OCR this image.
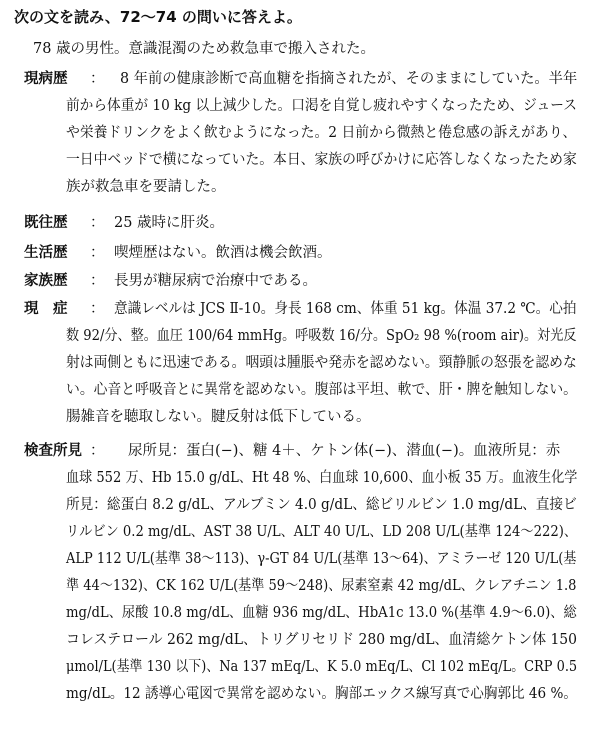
次の文を読み、72～74 の問いに答えよ。
78 歳の男性。意識混濁のため救急車で搬入された。
現病歴 ： 8 年前の健康診断で高血糖を指摘されたが、そのままにしていた。半年
前から体重が 10 kg 以上減少した。口渇を自覚し疲れやすくなったため、ジュース
や栄養ドリンクをよく飲むようになった。2 日前から微熱と倦怠感の訴えがあり、
一日中ベッドで横になっていた。本日、家族の呼びかけに応答しなくなったため家
族が救急車を要請した。
既往歴 ： 25 歳時に肝炎。
生活歴 ： 喫煙歴はない。飲酒は機会飲酒。
家族歴 ： 長男が糖尿病で治療中である。
現　症 ： 意識レベルは JCS Ⅱ-10。身長 168 cm、体重 51 kg。体温 37.2 ℃。心拍
数 92/分、整。血圧 100/64 mmHg。呼吸数 16/分。SpO₂ 98 %(room air)。対光反
射は両側ともに迅速である。咽頭は腫脹や発赤を認めない。頸静脈の怒張を認めな
い。心音と呼吸音とに異常を認めない。腹部は平坦、軟で、肝・脾を触知しない。
腸雑音を聴取しない。腱反射は低下している。
検査所見 ： 尿所見：蛋白(−)、糖 4＋、ケトン体(−)、潜血(−)。血液所見：赤
血球 552 万、Hb 15.0 g/dL、Ht 48 %、白血球 10,600、血小板 35 万。血液生化学
所見：総蛋白 8.2 g/dL、アルブミン 4.0 g/dL、総ビリルビン 1.0 mg/dL、直接ビ
リルビン 0.2 mg/dL、AST 38 U/L、ALT 40 U/L、LD 208 U/L(基準 124～222)、
ALP 112 U/L(基準 38～113)、γ-GT 84 U/L(基準 13～64)、アミラーゼ 120 U/L(基
準 44～132)、CK 162 U/L(基準 59～248)、尿素窒素 42 mg/dL、クレアチニン 1.8
mg/dL、尿酸 10.8 mg/dL、血糖 936 mg/dL、HbA1c 13.0 %(基準 4.9～6.0)、総
コレステロール 262 mg/dL、トリグリセリド 280 mg/dL、血清総ケトン体 150
μmol/L(基準 130 以下)、Na 137 mEq/L、K 5.0 mEq/L、Cl 102 mEq/L。CRP 0.5
mg/dL。12 誘導心電図で異常を認めない。胸部エックス線写真で心胸郭比 46 %。
